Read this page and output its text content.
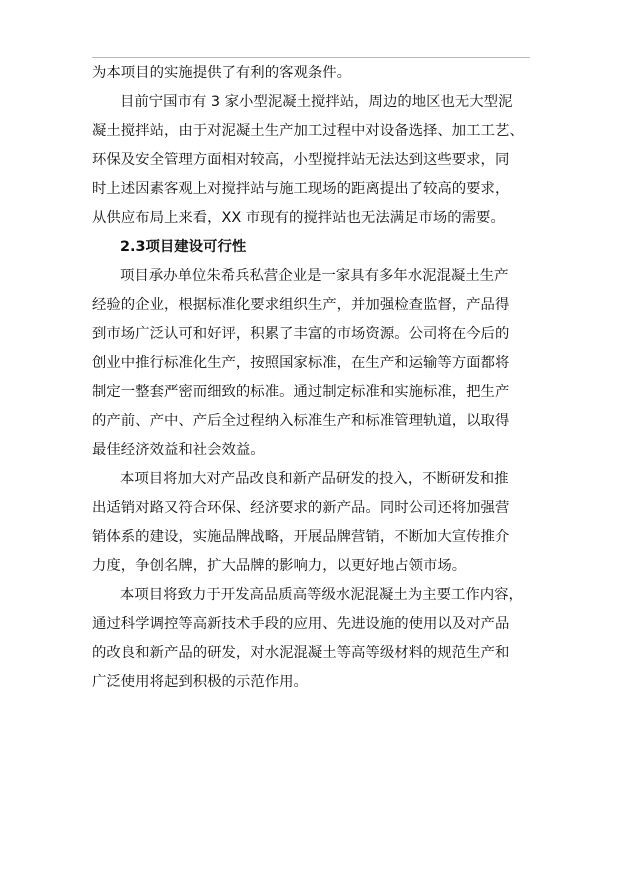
为本项目的实施提供了有利的客观条件。
目前宁国市有 3 家小型泥凝土搅拌站，周边的地区也无大型泥
凝土搅拌站，由于对泥凝土生产加工过程中对设备选择、加工工艺、
环保及安全管理方面相对较高，小型搅拌站无法达到这些要求，同
时上述因素客观上对搅拌站与施工现场的距离提出了较高的要求，
从供应布局上来看，XX 市现有的搅拌站也无法满足市场的需要。
2.3项目建设可行性
项目承办单位朱希兵私营企业是一家具有多年水泥混凝土生产
经验的企业，根据标准化要求组织生产，并加强检查监督，产品得
到市场广泛认可和好评，积累了丰富的市场资源。公司将在今后的
创业中推行标准化生产，按照国家标准，在生产和运输等方面都将
制定一整套严密而细致的标准。通过制定标准和实施标准，把生产
的产前、产中、产后全过程纳入标准生产和标准管理轨道，以取得
最佳经济效益和社会效益。
本项目将加大对产品改良和新产品研发的投入，不断研发和推
出适销对路又符合环保、经济要求的新产品。同时公司还将加强营
销体系的建设，实施品牌战略，开展品牌营销，不断加大宣传推介
力度，争创名牌，扩大品牌的影响力，以更好地占领市场。
本项目将致力于开发高品质高等级水泥混凝土为主要工作内容，
通过科学调控等高新技术手段的应用、先进设施的使用以及对产品
的改良和新产品的研发，对水泥混凝土等高等级材料的规范生产和
广泛使用将起到积极的示范作用。
